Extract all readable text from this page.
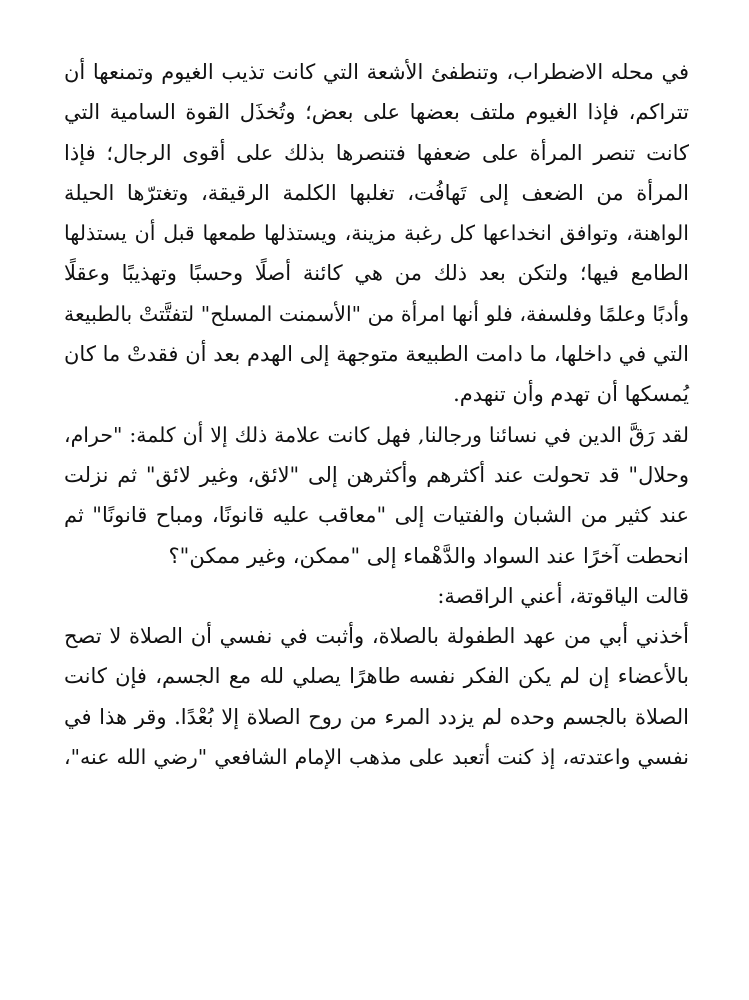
في محله الاضطراب، وتنطفئ الأشعة التي كانت تذيب الغيوم وتمنعها أن
تتراكم، فإذا الغيوم ملتف بعضها على بعض؛ وتُخذَل القوة السامية التي
كانت تنصر المرأة على ضعفها فتنصرها بذلك على أقوى الرجال؛ فإذا
المرأة من الضعف إلى تَهافُت، تغلبها الكلمة الرقيقة، وتغترّها الحيلة
الواهنة، وتوافق انخداعها كل رغبة مزينة، ويستذلها طمعها قبل أن يستذلها
الطامع فيها؛ ولتكن بعد ذلك من هي كائنة أصلًا وحسبًا وتهذيبًا وعقلًا
وأدبًا وعلمًا وفلسفة، فلو أنها امرأة من "الأسمنت المسلح" لتفتَّتتْ بالطبيعة
التي في داخلها، ما دامت الطبيعة متوجهة إلى الهدم بعد أن فقدتْ ما كان
يُمسكها أن تهدم وأن تنهدم.
لقد رَقَّ الدين في نسائنا ورجالنا, فهل كانت علامة ذلك إلا أن كلمة: "حرام،
وحلال" قد تحولت عند أكثرهم وأكثرهن إلى "لائق، وغير لائق" ثم نزلت
عند كثير من الشبان والفتيات إلى "معاقب عليه قانونًا، ومباح قانونًا" ثم
انحطت آخرًا عند السواد والدَّهْماء إلى "ممكن، وغير ممكن"؟
قالت الياقوتة، أعني الراقصة:
أخذني أبي من عهد الطفولة بالصلاة، وأثبت في نفسي أن الصلاة لا تصح
بالأعضاء إن لم يكن الفكر نفسه طاهرًا يصلي لله مع الجسم، فإن كانت
الصلاة بالجسم وحده لم يزدد المرء من روح الصلاة إلا بُعْدًا. وقر هذا في
نفسي واعتدته، إذ كنت أتعبد على مذهب الإمام الشافعي "رضي الله عنه"،
